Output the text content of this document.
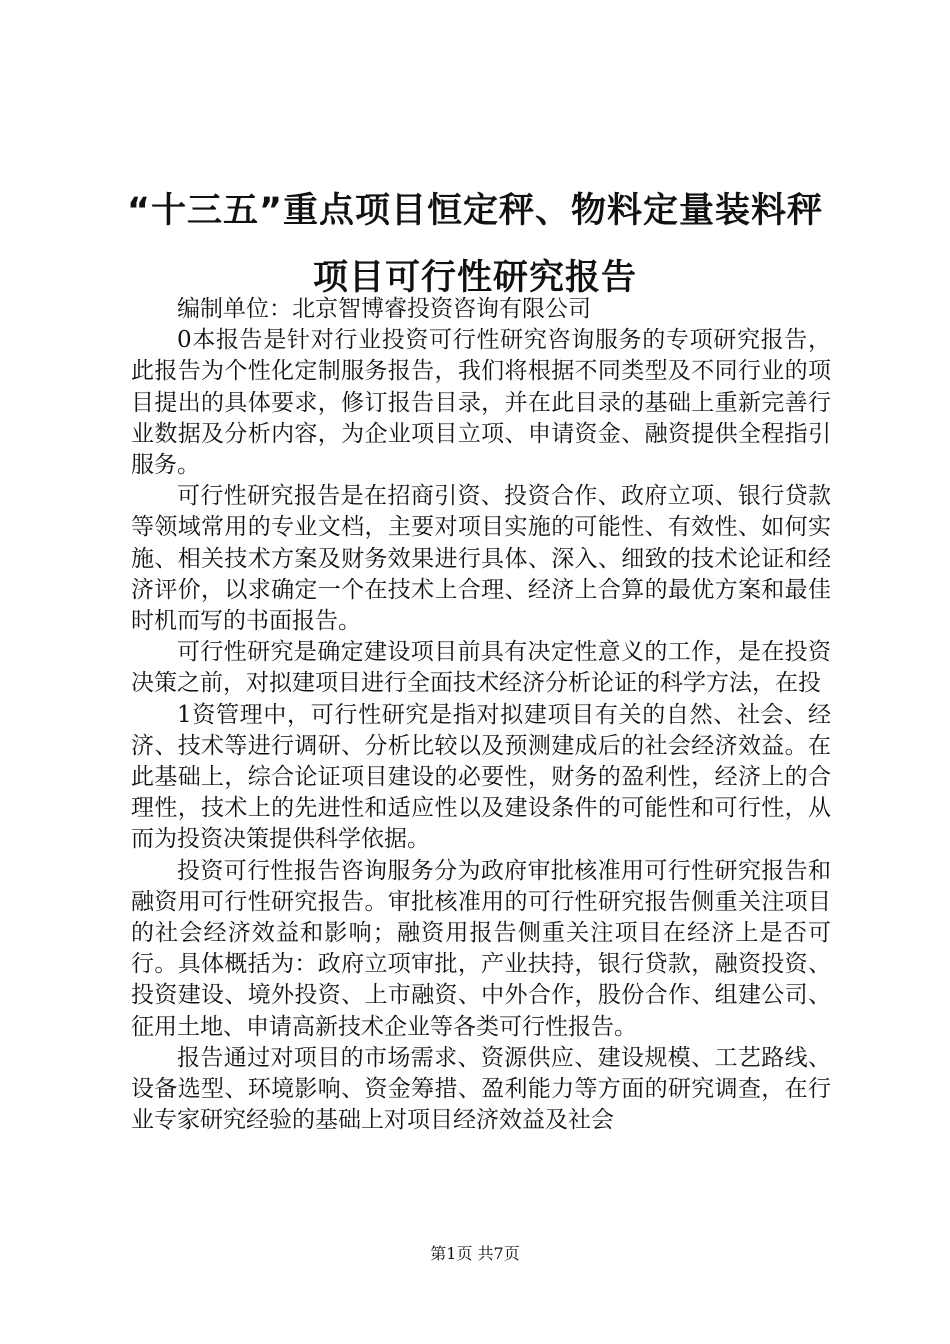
“十三五”重点项目恒定秤、物料定量装料秤
项目可行性研究报告

编制单位：北京智博睿投资咨询有限公司

0本报告是针对行业投资可行性研究咨询服务的专项研究报告，此报告为个性化定制服务报告，我们将根据不同类型及不同行业的项目提出的具体要求，修订报告目录，并在此目录的基础上重新完善行业数据及分析内容，为企业项目立项、申请资金、融资提供全程指引服务。

可行性研究报告是在招商引资、投资合作、政府立项、银行贷款等领域常用的专业文档，主要对项目实施的可能性、有效性、如何实施、相关技术方案及财务效果进行具体、深入、细致的技术论证和经济评价，以求确定一个在技术上合理、经济上合算的最优方案和最佳时机而写的书面报告。

可行性研究是确定建设项目前具有决定性意义的工作，是在投资决策之前，对拟建项目进行全面技术经济分析论证的科学方法，在投

1资管理中，可行性研究是指对拟建项目有关的自然、社会、经济、技术等进行调研、分析比较以及预测建成后的社会经济效益。在此基础上，综合论证项目建设的必要性，财务的盈利性，经济上的合理性，技术上的先进性和适应性以及建设条件的可能性和可行性，从而为投资决策提供科学依据。

投资可行性报告咨询服务分为政府审批核准用可行性研究报告和融资用可行性研究报告。审批核准用的可行性研究报告侧重关注项目的社会经济效益和影响；融资用报告侧重关注项目在经济上是否可行。具体概括为：政府立项审批，产业扶持，银行贷款，融资投资、投资建设、境外投资、上市融资、中外合作，股份合作、组建公司、征用土地、申请高新技术企业等各类可行性报告。

报告通过对项目的市场需求、资源供应、建设规模、工艺路线、设备选型、环境影响、资金筹措、盈利能力等方面的研究调查，在行业专家研究经验的基础上对项目经济效益及社会

第1页 共7页
